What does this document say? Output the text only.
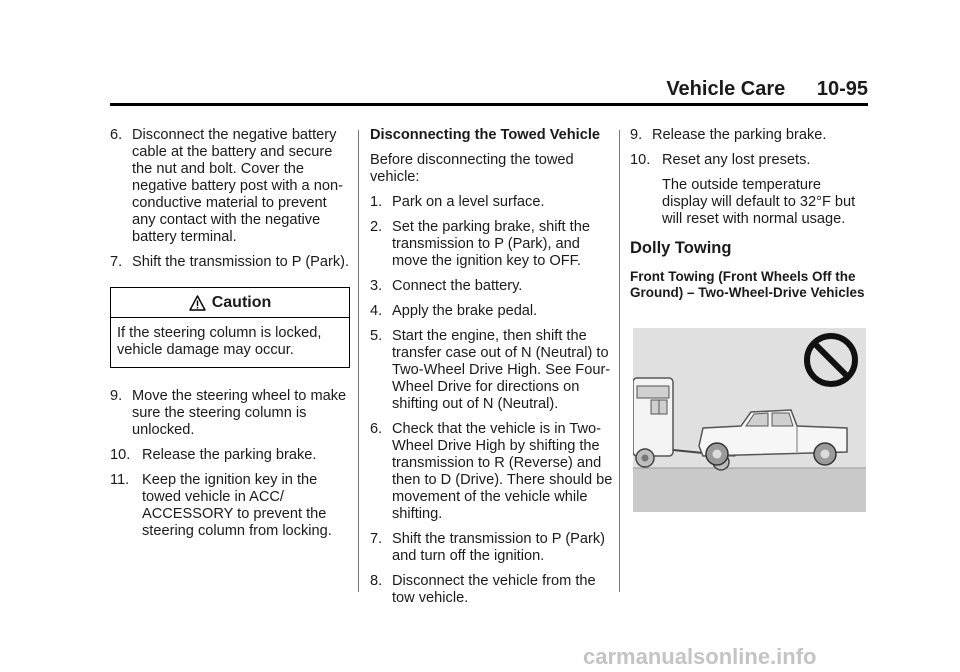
Vehicle Care 10-95
6. Disconnect the negative battery cable at the battery and secure the nut and bolt. Cover the negative battery post with a non-conductive material to prevent any contact with the negative battery terminal.
7. Shift the transmission to P (Park).
Caution
If the steering column is locked, vehicle damage may occur.
9. Move the steering wheel to make sure the steering column is unlocked.
10. Release the parking brake.
11. Keep the ignition key in the towed vehicle in ACC/ ACCESSORY to prevent the steering column from locking.
Disconnecting the Towed Vehicle
Before disconnecting the towed vehicle:
1. Park on a level surface.
2. Set the parking brake, shift the transmission to P (Park), and move the ignition key to OFF.
3. Connect the battery.
4. Apply the brake pedal.
5. Start the engine, then shift the transfer case out of N (Neutral) to Two-Wheel Drive High. See Four-Wheel Drive for directions on shifting out of N (Neutral).
6. Check that the vehicle is in Two-Wheel Drive High by shifting the transmission to R (Reverse) and then to D (Drive). There should be movement of the vehicle while shifting.
7. Shift the transmission to P (Park) and turn off the ignition.
8. Disconnect the vehicle from the tow vehicle.
9. Release the parking brake.
10. Reset any lost presets.
The outside temperature display will default to 32°F but will reset with normal usage.
Dolly Towing
Front Towing (Front Wheels Off the Ground) – Two-Wheel-Drive Vehicles
carmanualsonline.info
